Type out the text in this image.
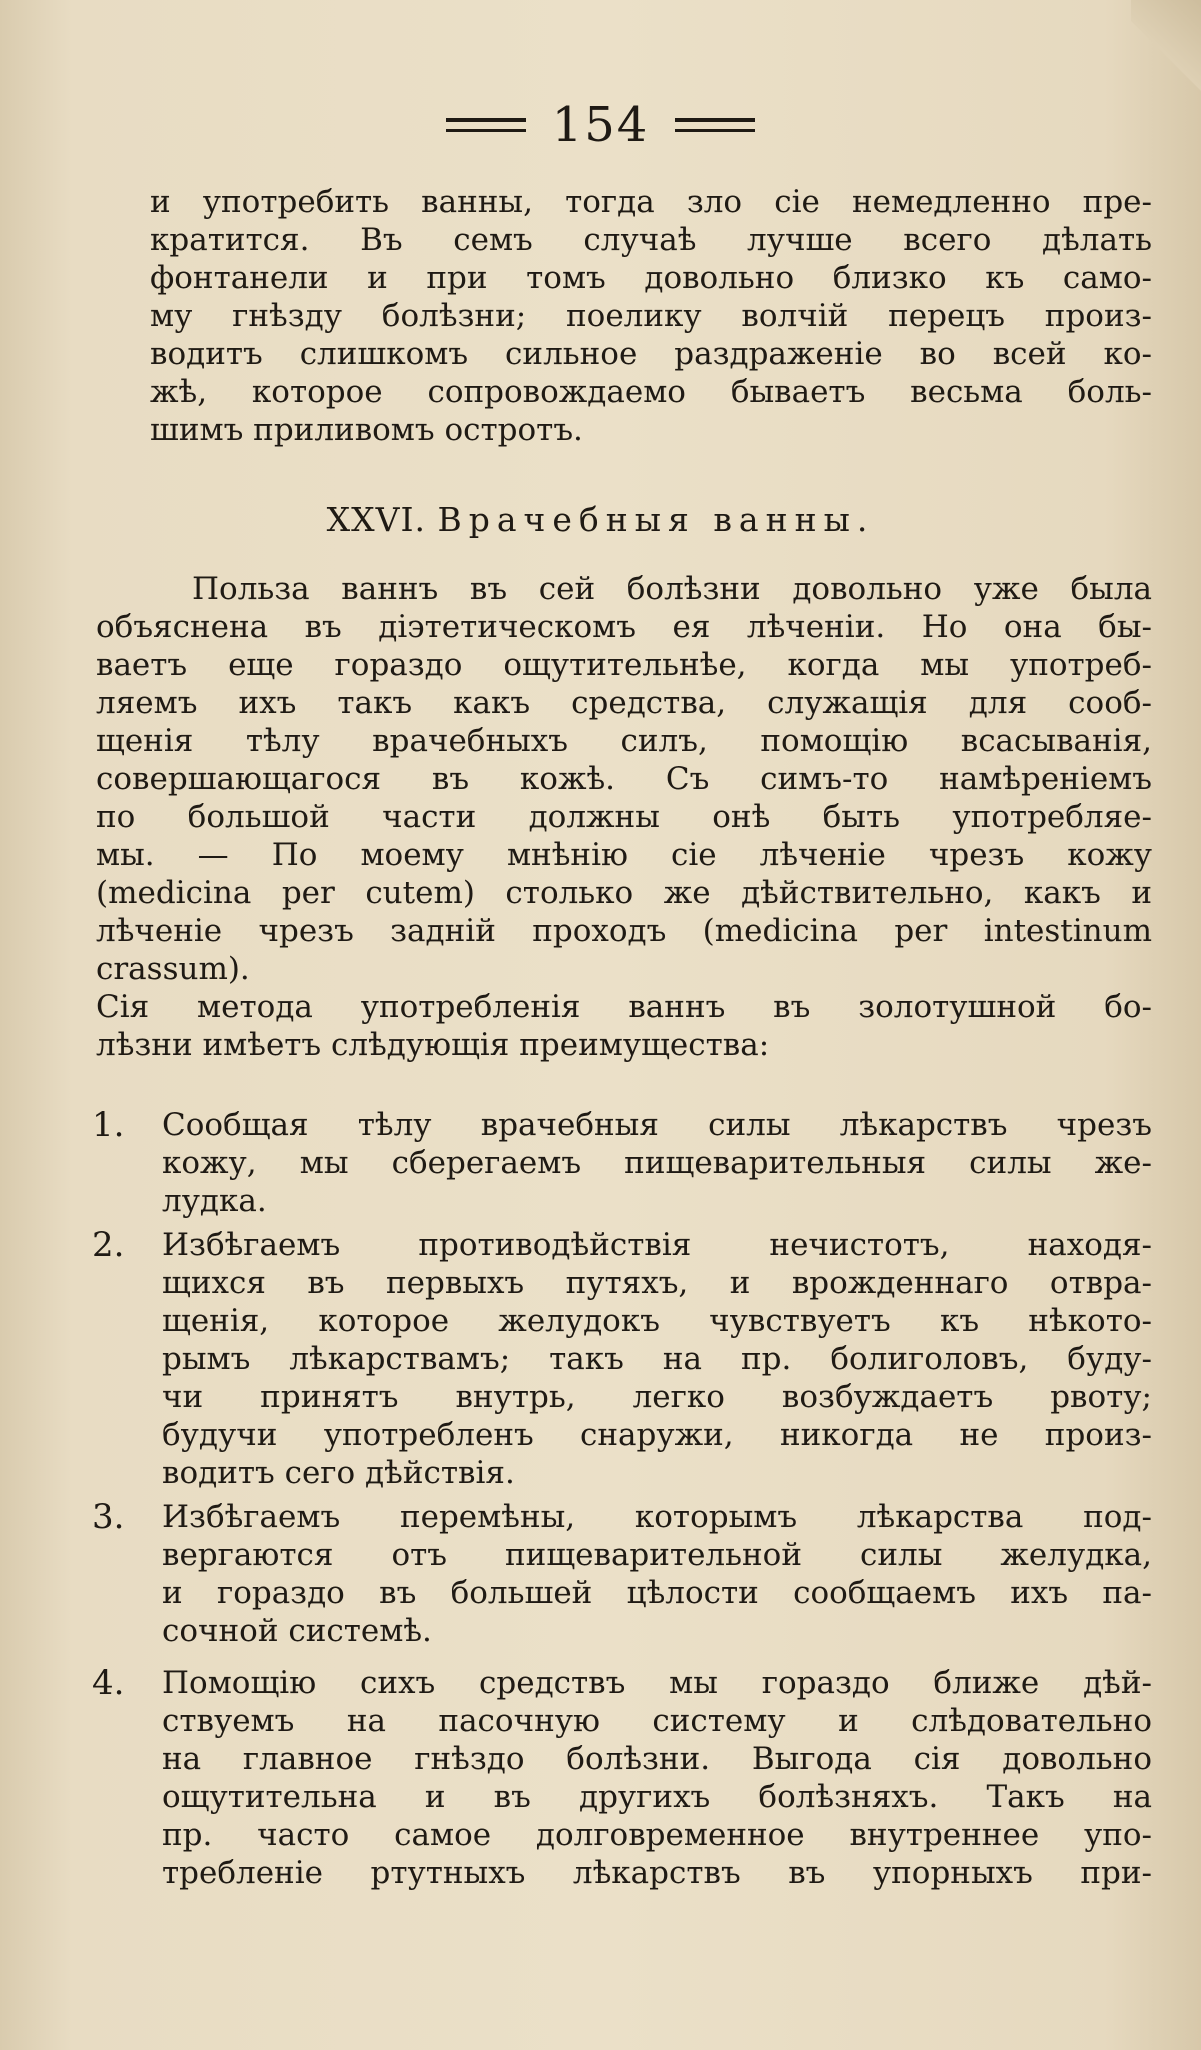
154
и употребить ванны, тогда зло сіе немедленно пре-
кратится. Въ семъ случаѣ лучше всего дѣлать
фонтанели и при томъ довольно близко къ само-
му гнѣзду болѣзни; поелику волчій перецъ произ-
водитъ слишкомъ сильное раздраженіе во всей ко-
жѣ, которое сопровождаемо бываетъ весьма боль-
шимъ приливомъ остротъ.
XXVI. Врачебныя ванны.
Польза ваннъ въ сей болѣзни довольно уже была
объяснена въ діэтетическомъ ея лѣченіи. Но она бы-
ваетъ еще гораздо ощутительнѣе, когда мы употреб-
ляемъ ихъ такъ какъ средства, служащія для сооб-
щенія тѣлу врачебныхъ силъ, помощію всасыванія,
совершающагося въ кожѣ. Съ симъ-то намѣреніемъ
по большой части должны онѣ быть употребляе-
мы. — По моему мнѣнію сіе лѣченіе чрезъ кожу
(medicina per cutem) столько же дѣйствительно, какъ и
лѣченіе чрезъ задній проходъ (medicina per intestinum
crassum).
Сія метода употребленія ваннъ въ золотушной бо-
лѣзни имѣетъ слѣдующія преимущества:
1. Сообщая тѣлу врачебныя силы лѣкарствъ чрезъ
кожу, мы сберегаемъ пищеварительныя силы же-
лудка.
2. Избѣгаемъ противодѣйствія нечистотъ, находя-
щихся въ первыхъ путяхъ, и врожденнаго отвра-
щенія, которое желудокъ чувствуетъ къ нѣкото-
рымъ лѣкарствамъ; такъ на пр. болиголовъ, буду-
чи принятъ внутрь, легко возбуждаетъ рвоту;
будучи употребленъ снаружи, никогда не произ-
водитъ сего дѣйствія.
3. Избѣгаемъ перемѣны, которымъ лѣкарства под-
вергаются отъ пищеварительной силы желудка,
и гораздо въ большей цѣлости сообщаемъ ихъ па-
сочной системѣ.
4. Помощію сихъ средствъ мы гораздо ближе дѣй-
ствуемъ на пасочную систему и слѣдовательно
на главное гнѣздо болѣзни. Выгода сія довольно
ощутительна и въ другихъ болѣзняхъ. Такъ на
пр. часто самое долговременное внутреннее упо-
требленіе ртутныхъ лѣкарствъ въ упорныхъ при-
